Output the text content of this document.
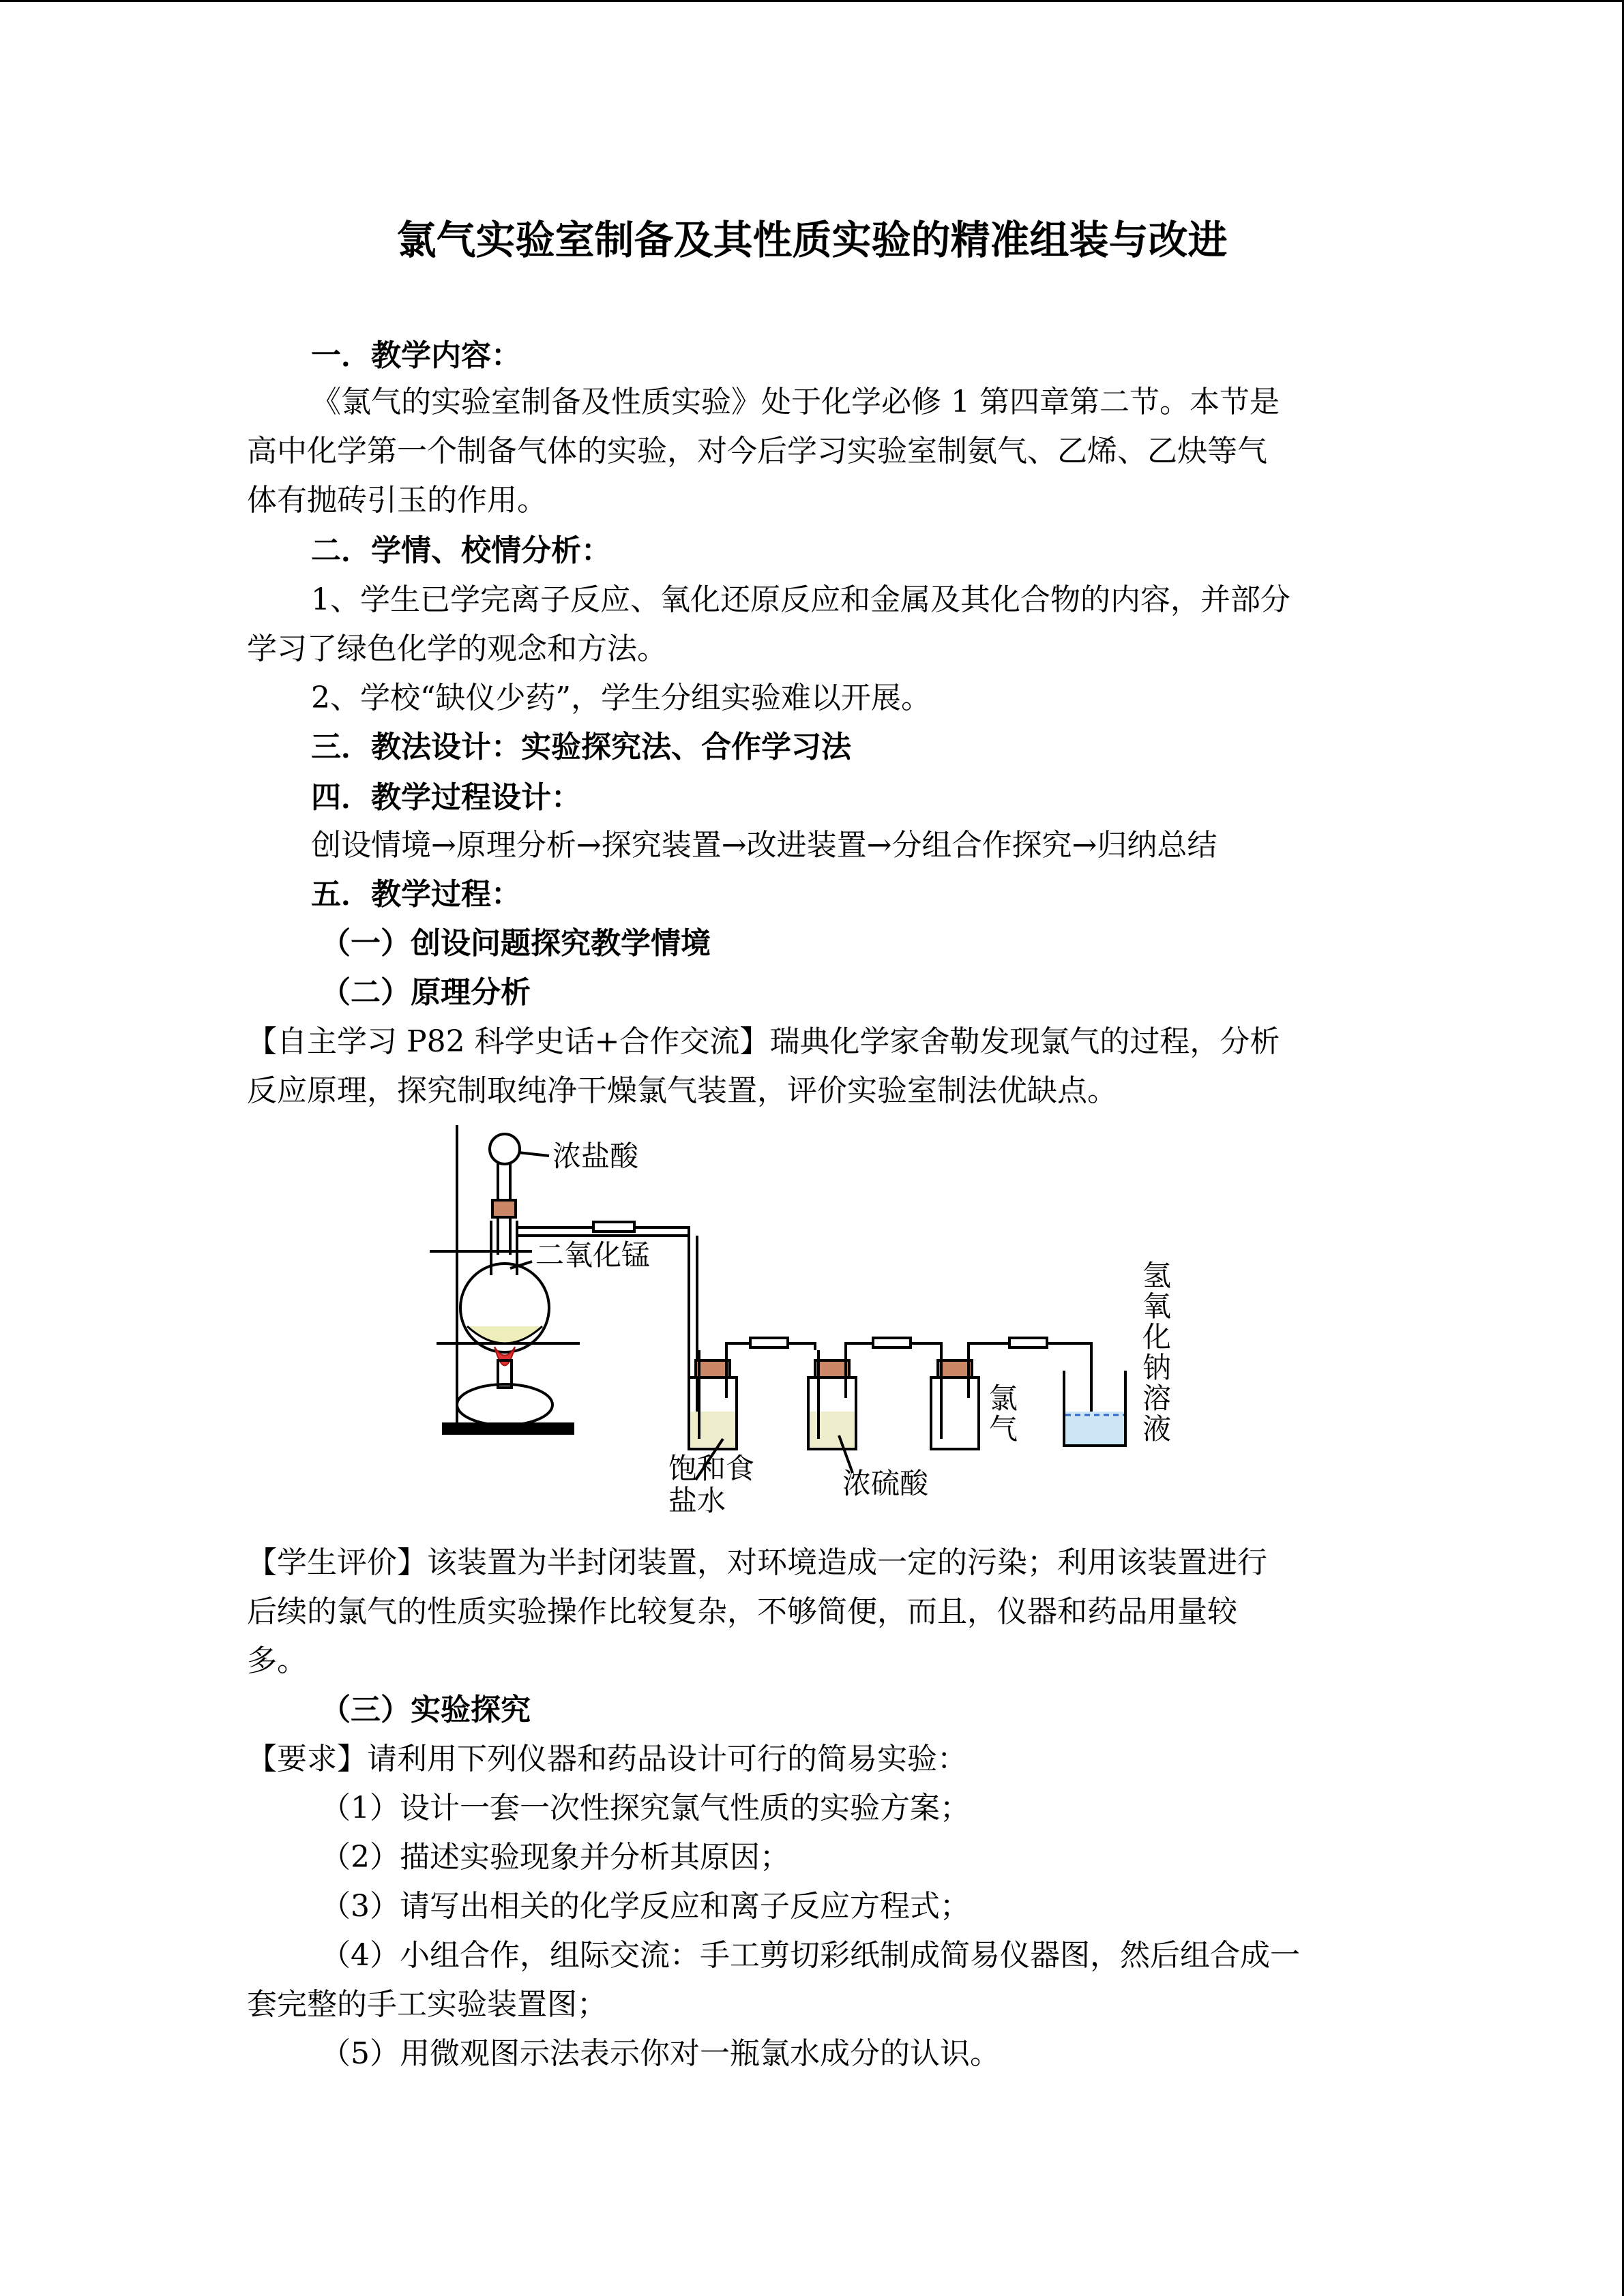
氯气实验室制备及其性质实验的精准组装与改进
一．教学内容：
《氯气的实验室制备及性质实验》处于化学必修 1 第四章第二节。本节是
高中化学第一个制备气体的实验，对今后学习实验室制氨气、乙烯、乙炔等气
体有抛砖引玉的作用。
二．学情、校情分析：
1、学生已学完离子反应、氧化还原反应和金属及其化合物的内容，并部分
学习了绿色化学的观念和方法。
2、学校“缺仪少药”，学生分组实验难以开展。
三．教法设计：实验探究法、合作学习法
四．教学过程设计：
创设情境→原理分析→探究装置→改进装置→分组合作探究→归纳总结
五．教学过程：
（一）创设问题探究教学情境
（二）原理分析
【自主学习 P82 科学史话+合作交流】瑞典化学家舍勒发现氯气的过程，分析
反应原理，探究制取纯净干燥氯气装置，评价实验室制法优缺点。
浓盐酸
二氧化锰
饱和食
盐水
浓硫酸
氯
气
氢
氧
化
钠
溶
液
【学生评价】该装置为半封闭装置，对环境造成一定的污染；利用该装置进行
后续的氯气的性质实验操作比较复杂，不够简便，而且，仪器和药品用量较
多。
（三）实验探究
【要求】请利用下列仪器和药品设计可行的简易实验：
（1）设计一套一次性探究氯气性质的实验方案；
（2）描述实验现象并分析其原因；
（3）请写出相关的化学反应和离子反应方程式；
（4）小组合作，组际交流：手工剪切彩纸制成简易仪器图，然后组合成一
套完整的手工实验装置图；
（5）用微观图示法表示你对一瓶氯水成分的认识。
